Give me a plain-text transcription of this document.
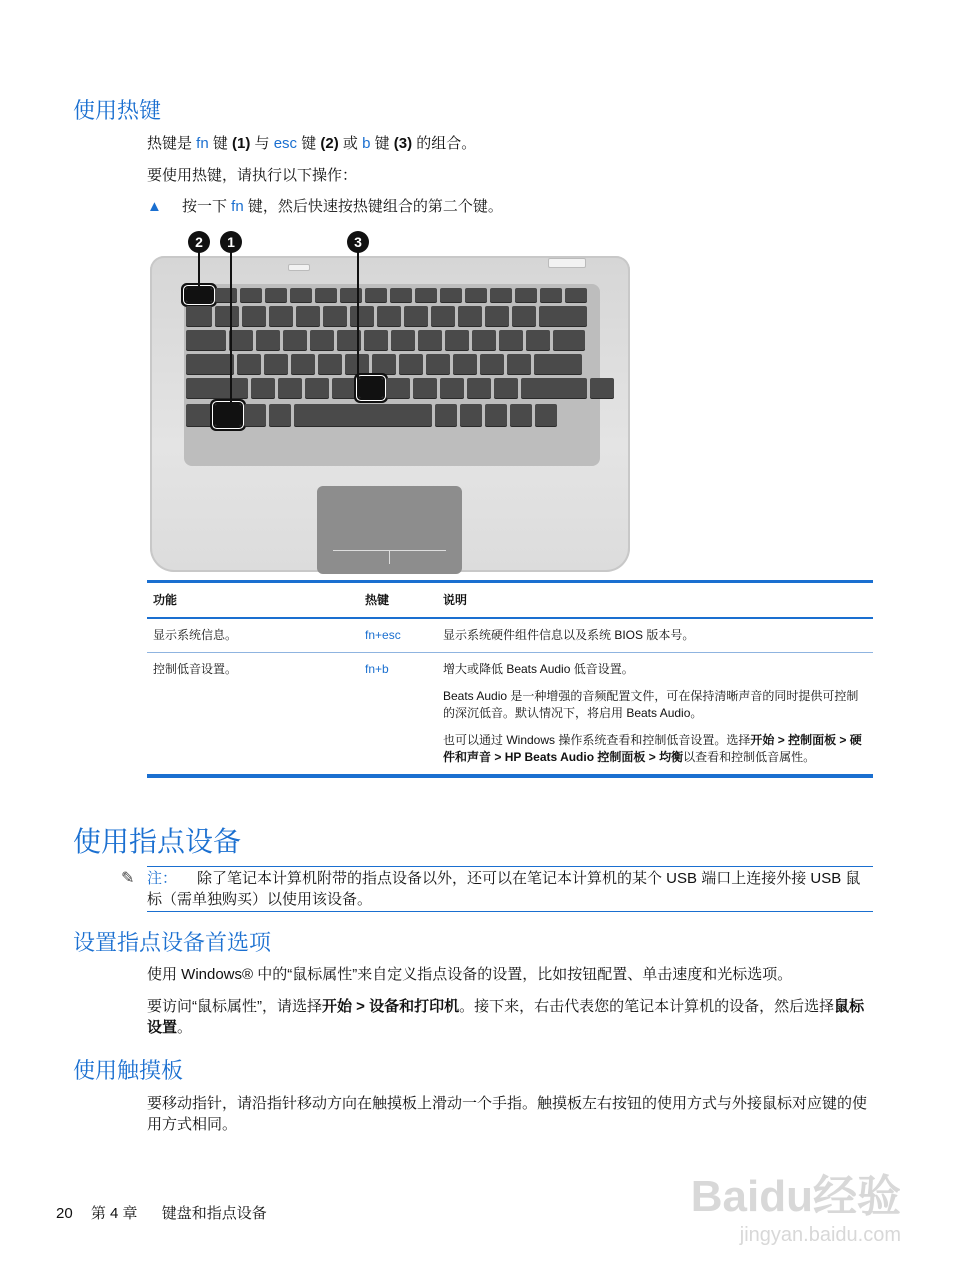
使用热键
热键是 fn 键 (1) 与 esc 键 (2) 或 b 键 (3) 的组合。
要使用热键，请执行以下操作：
▲ 按一下 fn 键，然后快速按热键组合的第二个键。
2	1	3
功能	热键	说明
显示系统信息。	fn+esc	显示系统硬件组件信息以及系统 BIOS 版本号。

控制低音设置。	fn+b	增大或降低 Beats Audio 低音设置。

Beats Audio 是一种增强的音频配置文件，可在保持清晰声音的同时提供可控制的深沉低音。默认情况下，将启用 Beats Audio。

也可以通过 Windows 操作系统查看和控制低音设置。选择开始 > 控制面板 > 硬件和声音 > HP Beats Audio 控制面板 > 均衡以查看和控制低音属性。

使用指点设备
✎ 注： 除了笔记本计算机附带的指点设备以外，还可以在笔记本计算机的某个 USB 端口上连接外接 USB 鼠标（需单独购买）以使用该设备。
设置指点设备首选项
使用 Windows® 中的“鼠标属性”来自定义指点设备的设置，比如按钮配置、单击速度和光标选项。
要访问“鼠标属性”，请选择开始 > 设备和打印机。接下来，右击代表您的笔记本计算机的设备，然后选择鼠标设置。
使用触摸板
要移动指针，请沿指针移动方向在触摸板上滑动一个手指。触摸板左右按钮的使用方式与外接鼠标对应键的使用方式相同。
20 第 4 章 键盘和指点设备	Baidu经验
jingyan.baidu.com
